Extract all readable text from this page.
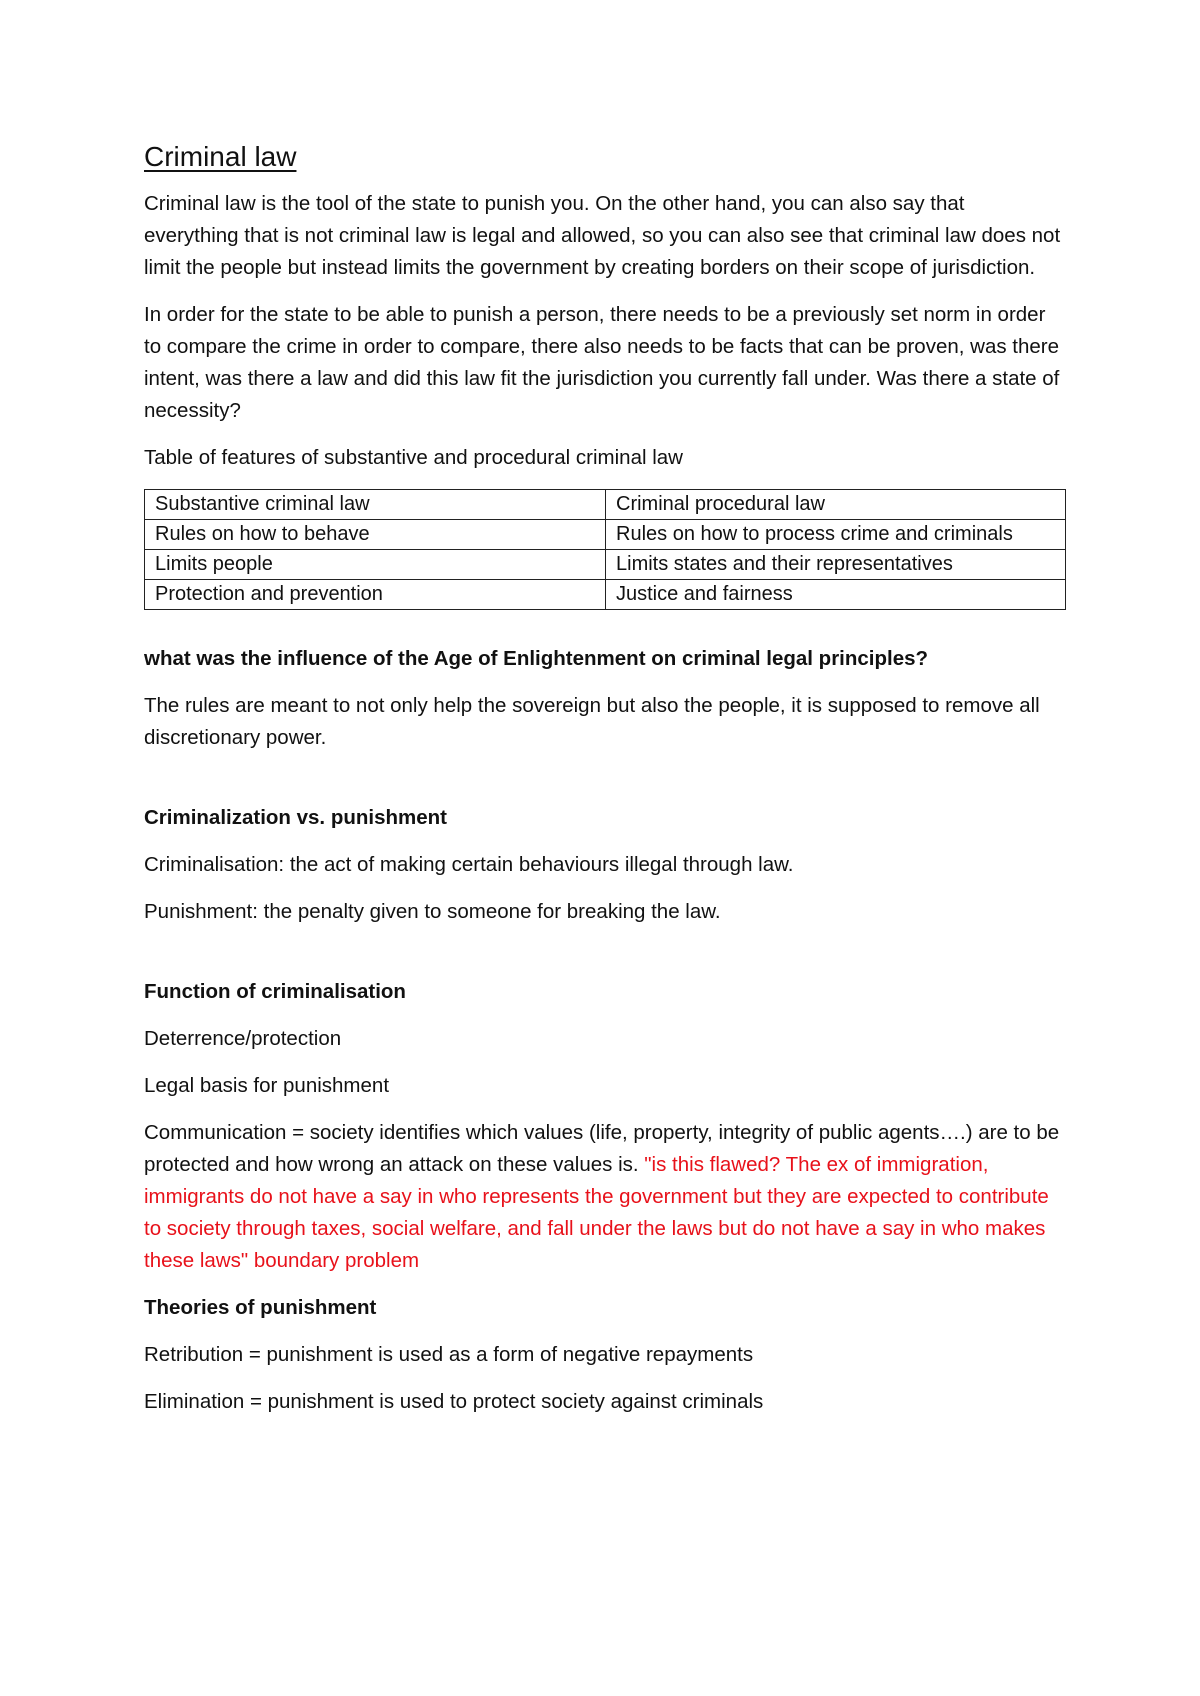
Criminal law

Criminal law is the tool of the state to punish you. On the other hand, you can also say that everything that is not criminal law is legal and allowed, so you can also see that criminal law does not limit the people but instead limits the government by creating borders on their scope of jurisdiction.

In order for the state to be able to punish a person, there needs to be a previously set norm in order to compare the crime in order to compare, there also needs to be facts that can be proven, was there intent, was there a law and did this law fit the jurisdiction you currently fall under. Was there a state of necessity?

Table of features of substantive and procedural criminal law

Substantive criminal law	Criminal procedural law
Rules on how to behave	Rules on how to process crime and criminals
Limits people	Limits states and their representatives
Protection and prevention	Justice and fairness
what was the influence of the Age of Enlightenment on criminal legal principles?

The rules are meant to not only help the sovereign but also the people, it is supposed to remove all discretionary power.

Criminalization vs. punishment

Criminalisation: the act of making certain behaviours illegal through law.

Punishment: the penalty given to someone for breaking the law.

Function of criminalisation

Deterrence/protection

Legal basis for punishment

Communication = society identifies which values (life, property, integrity of public agents….) are to be protected and how wrong an attack on these values is. "is this flawed? The ex of immigration, immigrants do not have a say in who represents the government but they are expected to contribute to society through taxes, social welfare, and fall under the laws but do not have a say in who makes these laws" boundary problem

Theories of punishment

Retribution = punishment is used as a form of negative repayments

Elimination = punishment is used to protect society against criminals
